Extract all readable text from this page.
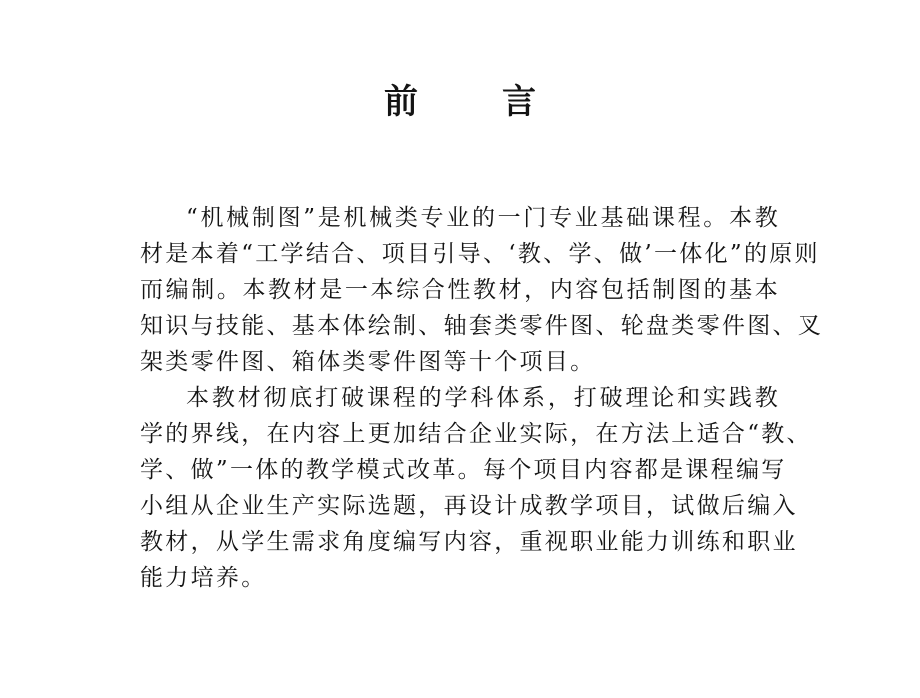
前 言
“机械制图”是机械类专业的一门专业基础课程。本教
材是本着“工学结合、项目引导、‘教、学、做’一体化”的原则
而编制。本教材是一本综合性教材，内容包括制图的基本
知识与技能、基本体绘制、轴套类零件图、轮盘类零件图、叉
架类零件图、箱体类零件图等十个项目。
本教材彻底打破课程的学科体系，打破理论和实践教
学的界线，在内容上更加结合企业实际，在方法上适合“教、
学、做”一体的教学模式改革。每个项目内容都是课程编写
小组从企业生产实际选题，再设计成教学项目，试做后编入
教材，从学生需求角度编写内容，重视职业能力训练和职业
能力培养。
